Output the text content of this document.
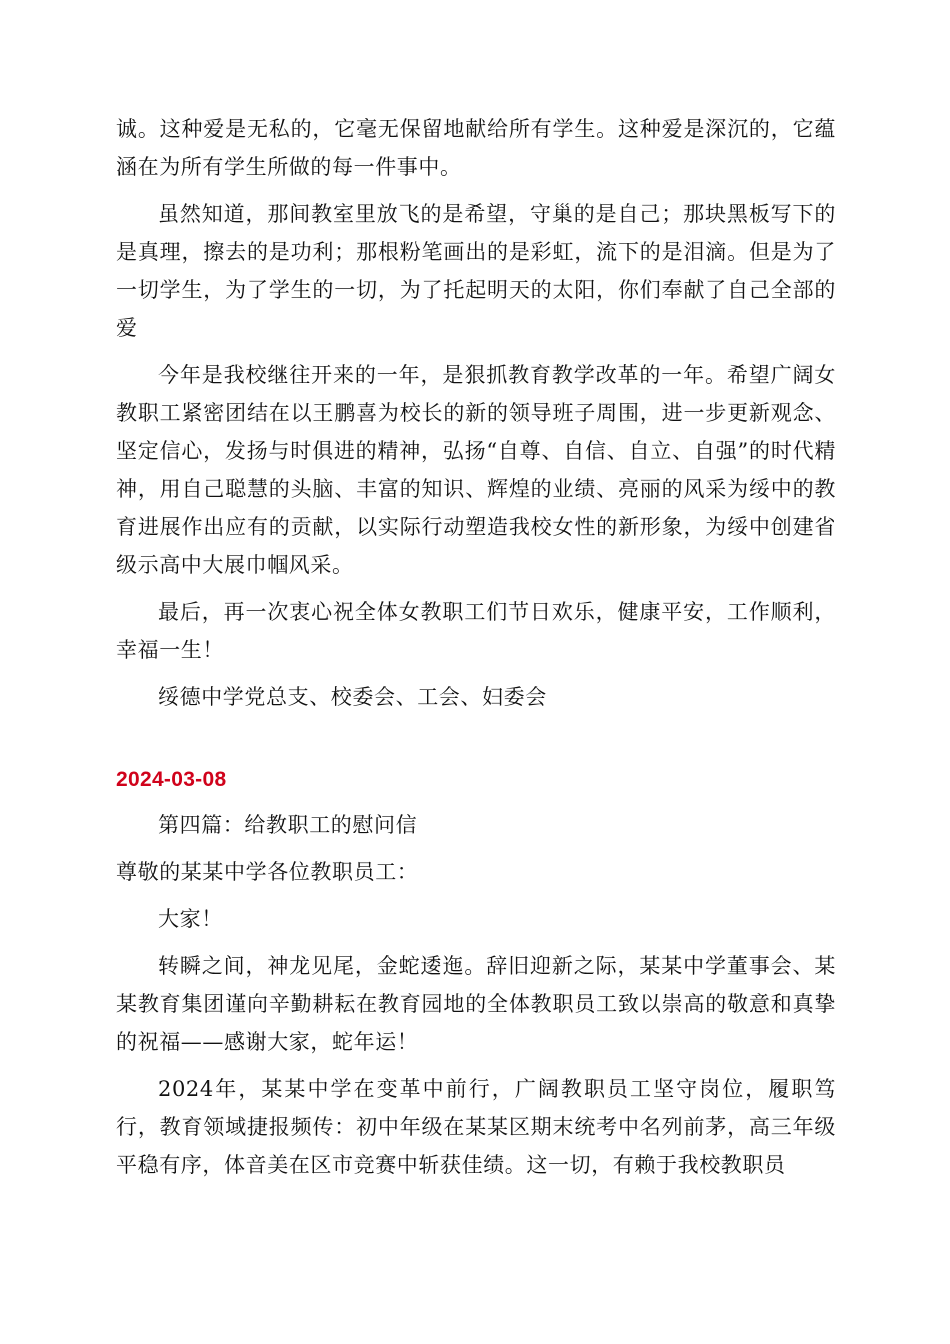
诚。这种爱是无私的，它毫无保留地献给所有学生。这种爱是深沉的，它蕴涵在为所有学生所做的每一件事中。

虽然知道，那间教室里放飞的是希望，守巢的是自己；那块黑板写下的是真理，擦去的是功利；那根粉笔画出的是彩虹，流下的是泪滴。但是为了一切学生，为了学生的一切，为了托起明天的太阳，你们奉献了自己全部的爱

今年是我校继往开来的一年，是狠抓教育教学改革的一年。希望广阔女教职工紧密团结在以王鹏喜为校长的新的领导班子周围，进一步更新观念、坚定信心，发扬与时俱进的精神，弘扬“自尊、自信、自立、自强”的时代精神，用自己聪慧的头脑、丰富的知识、辉煌的业绩、亮丽的风采为绥中的教育进展作出应有的贡献，以实际行动塑造我校女性的新形象，为绥中创建省级示高中大展巾帼风采。

最后，再一次衷心祝全体女教职工们节日欢乐，健康平安，工作顺利，幸福一生！

绥德中学党总支、校委会、工会、妇委会

2024-03-08

第四篇：给教职工的慰问信

尊敬的某某中学各位教职员工：

大家！

转瞬之间，神龙见尾，金蛇逶迤。辞旧迎新之际，某某中学董事会、某某教育集团谨向辛勤耕耘在教育园地的全体教职员工致以崇高的敬意和真挚的祝福——感谢大家，蛇年运！

2024年，某某中学在变革中前行，广阔教职员工坚守岗位，履职笃行，教育领域捷报频传：初中年级在某某区期末统考中名列前茅，高三年级平稳有序，体音美在区市竞赛中斩获佳绩。这一切，有赖于我校教职员
